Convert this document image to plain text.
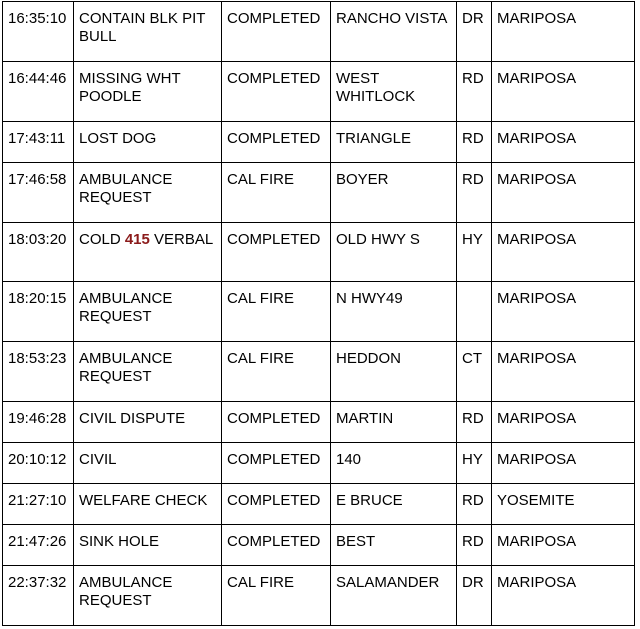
16:35:10	CONTAIN BLK PIT BULL	COMPLETED	RANCHO VISTA	DR	MARIPOSA
16:44:46	MISSING WHT POODLE	COMPLETED	WEST WHITLOCK	RD	MARIPOSA
17:43:11	LOST DOG	COMPLETED	TRIANGLE	RD	MARIPOSA
17:46:58	AMBULANCE REQUEST	CAL FIRE	BOYER	RD	MARIPOSA
18:03:20	COLD 415 VERBAL	COMPLETED	OLD HWY S	HY	MARIPOSA
18:20:15	AMBULANCE REQUEST	CAL FIRE	N HWY49		MARIPOSA
18:53:23	AMBULANCE REQUEST	CAL FIRE	HEDDON	CT	MARIPOSA
19:46:28	CIVIL DISPUTE	COMPLETED	MARTIN	RD	MARIPOSA
20:10:12	CIVIL	COMPLETED	140	HY	MARIPOSA
21:27:10	WELFARE CHECK	COMPLETED	E BRUCE	RD	YOSEMITE
21:47:26	SINK HOLE	COMPLETED	BEST	RD	MARIPOSA
22:37:32	AMBULANCE REQUEST	CAL FIRE	SALAMANDER	DR	MARIPOSA
